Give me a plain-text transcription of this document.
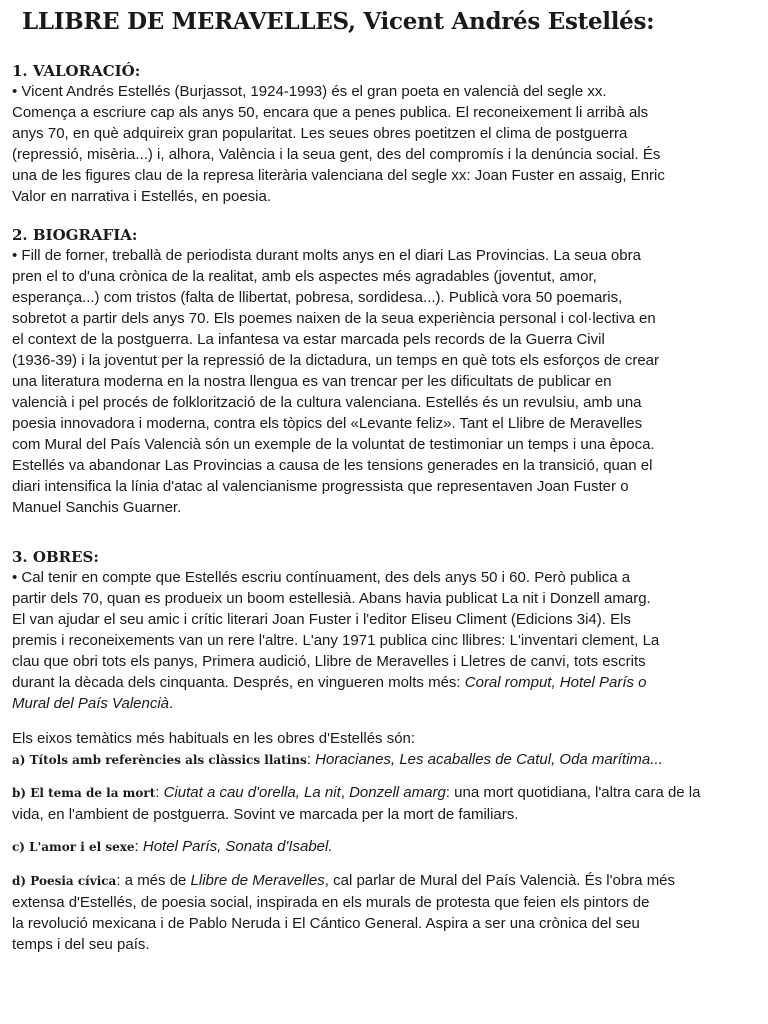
LLIBRE DE MERAVELLES, Vicent Andrés Estellés:
1. VALORACIÓ:

• Vicent Andrés Estellés (Burjassot, 1924-1993) és el gran poeta en valencià del segle xx.
Comença a escriure cap als anys 50, encara que a penes publica. El reconeixement li arribà als
anys 70, en què adquireix gran popularitat. Les seues obres poetitzen el clima de postguerra
(repressió, misèria...) i, alhora, València i la seua gent, des del compromís i la denúncia social. És
una de les figures clau de la represa literària valenciana del segle xx: Joan Fuster en assaig, Enric
Valor en narrativa i Estellés, en poesia.

2. BIOGRAFIA:

• Fill de forner, treballà de periodista durant molts anys en el diari Las Provincias. La seua obra
pren el to d'una crònica de la realitat, amb els aspectes més agradables (joventut, amor,
esperança...) com tristos (falta de llibertat, pobresa, sordidesa...). Publicà vora 50 poemaris,
sobretot a partir dels anys 70. Els poemes naixen de la seua experiència personal i col·lectiva en
el context de la postguerra. La infantesa va estar marcada pels records de la Guerra Civil
(1936-39) i la joventut per la repressió de la dictadura, un temps en què tots els esforços de crear
una literatura moderna en la nostra llengua es van trencar per les dificultats de publicar en
valencià i pel procés de folklorització de la cultura valenciana. Estellés és un revulsiu, amb una
poesia innovadora i moderna, contra els tòpics del «Levante feliz». Tant el Llibre de Meravelles
com Mural del País Valencià són un exemple de la voluntat de testimoniar un temps i una època.
Estellés va abandonar Las Provincias a causa de les tensions generades en la transició, quan el
diari intensifica la línia d'atac al valencianisme progressista que representaven Joan Fuster o
Manuel Sanchis Guarner.

3. OBRES:

• Cal tenir en compte que Estellés escriu contínuament, des dels anys 50 i 60. Però publica a
partir dels 70, quan es produeix un boom estellesià. Abans havia publicat La nit i Donzell amarg.
El van ajudar el seu amic i crític literari Joan Fuster i l'editor Eliseu Climent (Edicions 3i4). Els
premis i reconeixements van un rere l'altre. L'any 1971 publica cinc llibres: L'inventari clement, La
clau que obri tots els panys, Primera audició, Llibre de Meravelles i Lletres de canvi, tots escrits
durant la dècada dels cinquanta. Després, en vingueren molts més: Coral romput, Hotel París o
Mural del País Valencià.

Els eixos temàtics més habituals en les obres d'Estellés són:

a) Títols amb referències als clàssics llatins: Horacianes, Les acaballes de Catul, Oda marítima...

b) El tema de la mort: Ciutat a cau d'orella, La nit, Donzell amarg: una mort quotidiana, l'altra cara de la
vida, en l'ambient de postguerra. Sovint ve marcada per la mort de familiars.

c) L'amor i el sexe: Hotel París, Sonata d'Isabel.

d) Poesia cívica: a més de Llibre de Meravelles, cal parlar de Mural del País Valencià. És l'obra més
extensa d'Estellés, de poesia social, inspirada en els murals de protesta que feien els pintors de
la revolució mexicana i de Pablo Neruda i El Cántico General. Aspira a ser una crònica del seu
temps i del seu país.
